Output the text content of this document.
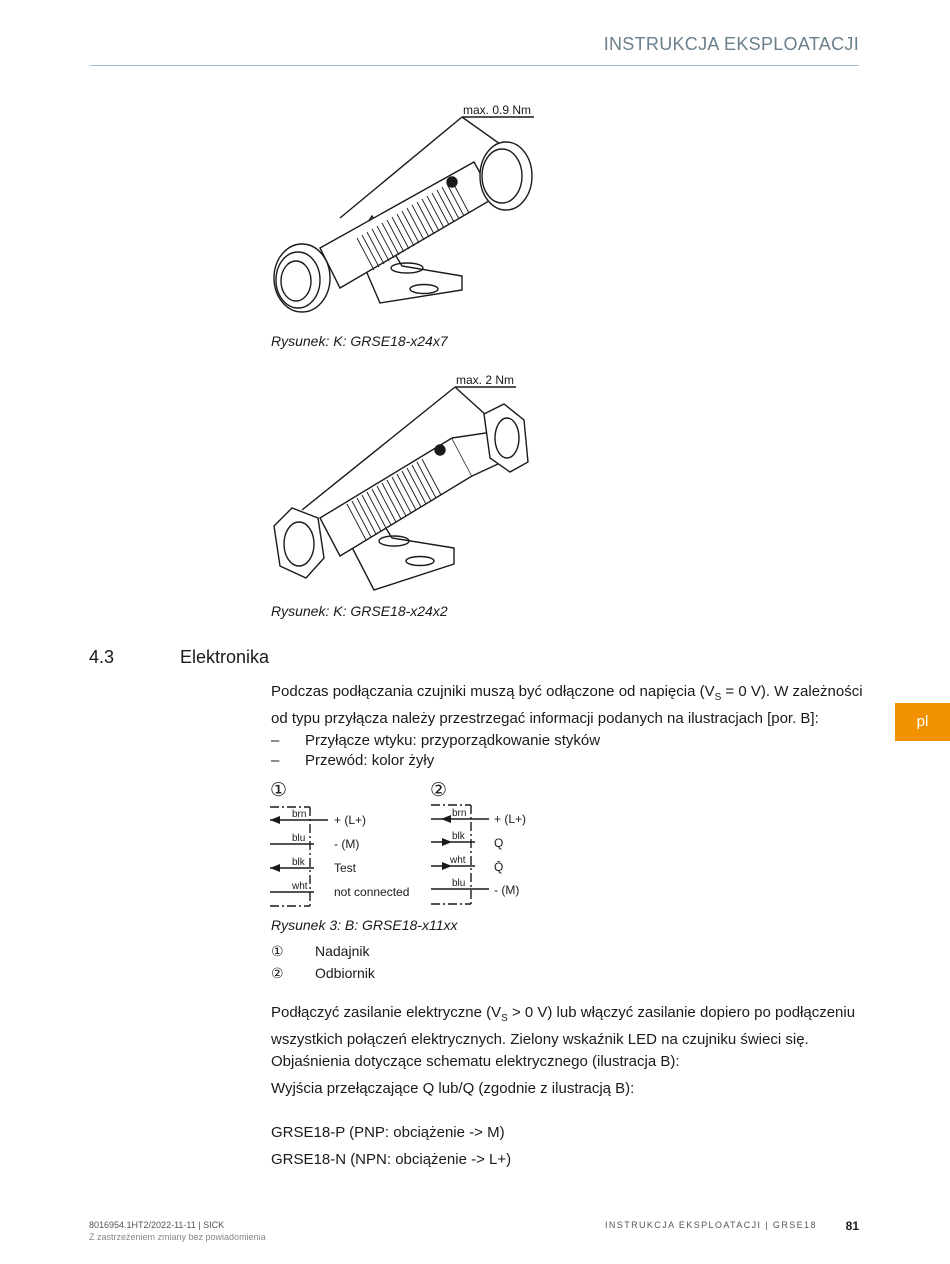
INSTRUKCJA EKSPLOATACJI
max. 0.9 Nm
Rysunek: K: GRSE18-x24x7
max. 2 Nm
Rysunek: K: GRSE18-x24x2
4.3	Elektronika
Podczas podłączania czujniki muszą być odłączone od napięcia ($V_S = 0$ V). W zależności
od typu przyłącza należy przestrzegać informacji podanych na ilustracjach [por. B]:
– Przyłącze wtyku: przyporządkowanie styków
– Przewód: kolor żyły
pl
①	②
brn
blu
blk
wht
+ (L+)
- (M)
Test
not connected
brn
blk
wht
blu
+ (L+)
Q
Q̄
- (M)
Rysunek 3: B: GRSE18-x11xx
① Nadajnik
② Odbiornik
Podłączyć zasilanie elektryczne ($V_S > 0$ V) lub włączyć zasilanie dopiero po podłączeniu
wszystkich połączeń elektrycznych. Zielony wskaźnik LED na czujniku świeci się.
Objaśnienia dotyczące schematu elektrycznego (ilustracja B):
Wyjścia przełączające Q lub/Q (zgodnie z ilustracją B):
GRSE18-P (PNP: obciążenie -> M)
GRSE18-N (NPN: obciążenie -> L+)
8016954.1HT2/2022-11-11 | SICK
Z zastrzeżeniem zmiany bez powiadomienia
INSTRUKCJA EKSPLOATACJI | GRSE18 81
